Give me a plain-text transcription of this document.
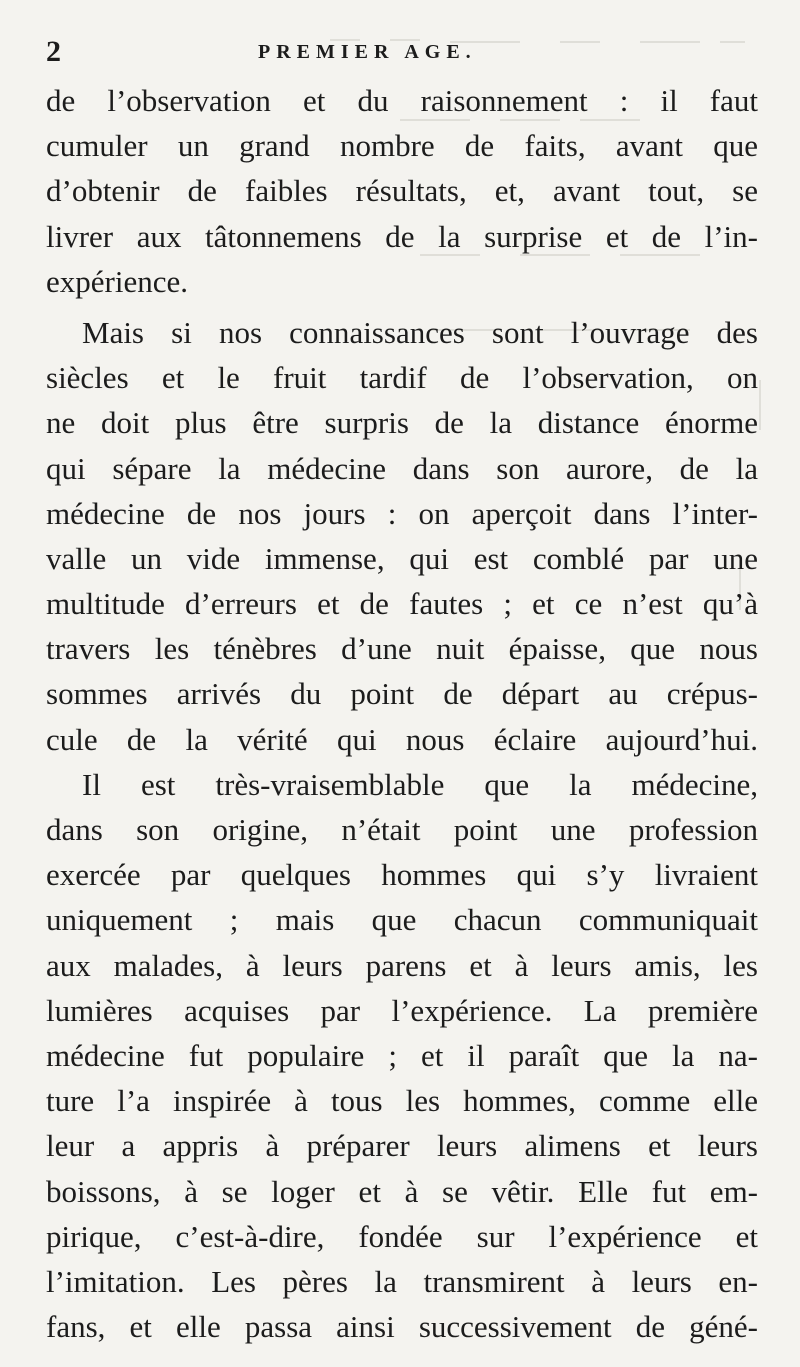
2	PREMIER AGE.
de l’observation et du raisonnement : il faut
cumuler un grand nombre de faits, avant que
d’obtenir de faibles résultats, et, avant tout, se
livrer aux tâtonnemens de la surprise et de l’in-
expérience.
Mais si nos connaissances sont l’ouvrage des
siècles et le fruit tardif de l’observation, on
ne doit plus être surpris de la distance énorme
qui sépare la médecine dans son aurore, de la
médecine de nos jours : on aperçoit dans l’inter-
valle un vide immense, qui est comblé par une
multitude d’erreurs et de fautes ; et ce n’est qu’à
travers les ténèbres d’une nuit épaisse, que nous
sommes arrivés du point de départ au crépus-
cule de la vérité qui nous éclaire aujourd’hui.
Il est très-vraisemblable que la médecine,
dans son origine, n’était point une profession
exercée par quelques hommes qui s’y livraient
uniquement ; mais que chacun communiquait
aux malades, à leurs parens et à leurs amis, les
lumières acquises par l’expérience. La première
médecine fut populaire ; et il paraît que la na-
ture l’a inspirée à tous les hommes, comme elle
leur a appris à préparer leurs alimens et leurs
boissons, à se loger et à se vêtir. Elle fut em-
pirique, c’est-à-dire, fondée sur l’expérience et
l’imitation. Les pères la transmirent à leurs en-
fans, et elle passa ainsi successivement de géné-
